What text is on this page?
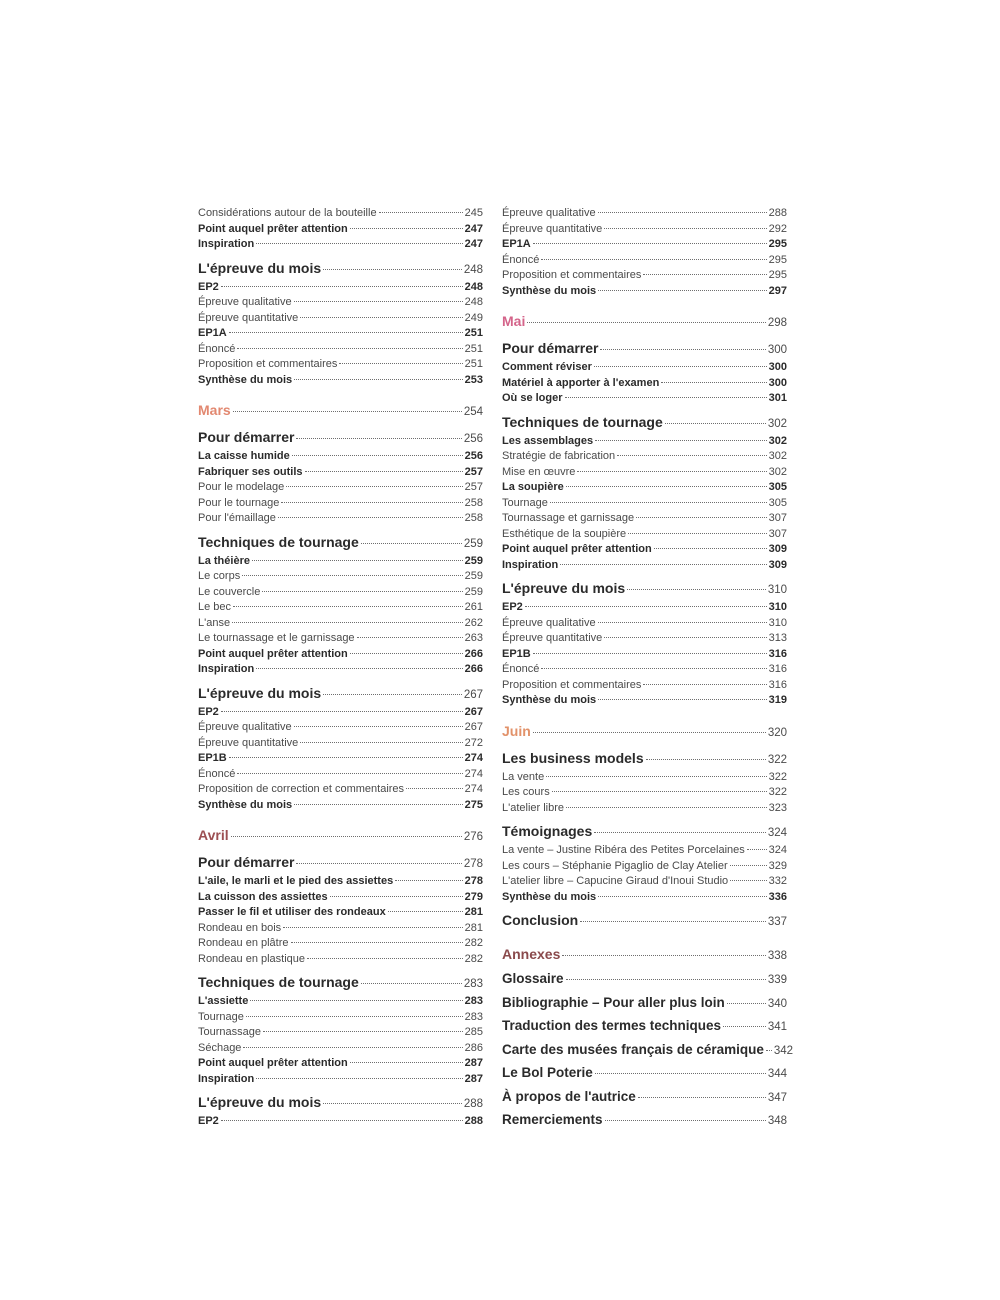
Considérations autour de la bouteille	245
Point auquel prêter attention	247
Inspiration	247
L'épreuve du mois	248
EP2	248
Épreuve qualitative	248
Épreuve quantitative	249
EP1A	251
Énoncé	251
Proposition et commentaires	251
Synthèse du mois	253
Mars	254
Pour démarrer	256
La caisse humide	256
Fabriquer ses outils	257
Pour le modelage	257
Pour le tournage	258
Pour l'émaillage	258
Techniques de tournage	259
La théière	259
Le corps	259
Le couvercle	259
Le bec	261
L'anse	262
Le tournassage et le garnissage	263
Point auquel prêter attention	266
Inspiration	266
L'épreuve du mois	267
EP2	267
Épreuve qualitative	267
Épreuve quantitative	272
EP1B	274
Énoncé	274
Proposition de correction et commentaires	274
Synthèse du mois	275
Avril	276
Pour démarrer	278
L'aile, le marli et le pied des assiettes	278
La cuisson des assiettes	279
Passer le fil et utiliser des rondeaux	281
Rondeau en bois	281
Rondeau en plâtre	282
Rondeau en plastique	282
Techniques de tournage	283
L'assiette	283
Tournage	283
Tournassage	285
Séchage	286
Point auquel prêter attention	287
Inspiration	287
L'épreuve du mois	288
EP2	288
Épreuve qualitative	288
Épreuve quantitative	292
EP1A	295
Énoncé	295
Proposition et commentaires	295
Synthèse du mois	297
Mai	298
Pour démarrer	300
Comment réviser	300
Matériel à apporter à l'examen	300
Où se loger	301
Techniques de tournage	302
Les assemblages	302
Stratégie de fabrication	302
Mise en œuvre	302
La soupière	305
Tournage	305
Tournassage et garnissage	307
Esthétique de la soupière	307
Point auquel prêter attention	309
Inspiration	309
L'épreuve du mois	310
EP2	310
Épreuve qualitative	310
Épreuve quantitative	313
EP1B	316
Énoncé	316
Proposition et commentaires	316
Synthèse du mois	319
Juin	320
Les business models	322
La vente	322
Les cours	322
L'atelier libre	323
Témoignages	324
La vente – Justine Ribéra des Petites Porcelaines 324
Les cours – Stéphanie Pigaglio de Clay Atelier	329
L'atelier libre – Capucine Giraud d'Inoui Studio	332
Synthèse du mois	336
Conclusion	337
Annexes	338
Glossaire	339
Bibliographie – Pour aller plus loin	340
Traduction des termes techniques	341
Carte des musées français de céramique 342
Le Bol Poterie	344
À propos de l'autrice	347
Remerciements	348
